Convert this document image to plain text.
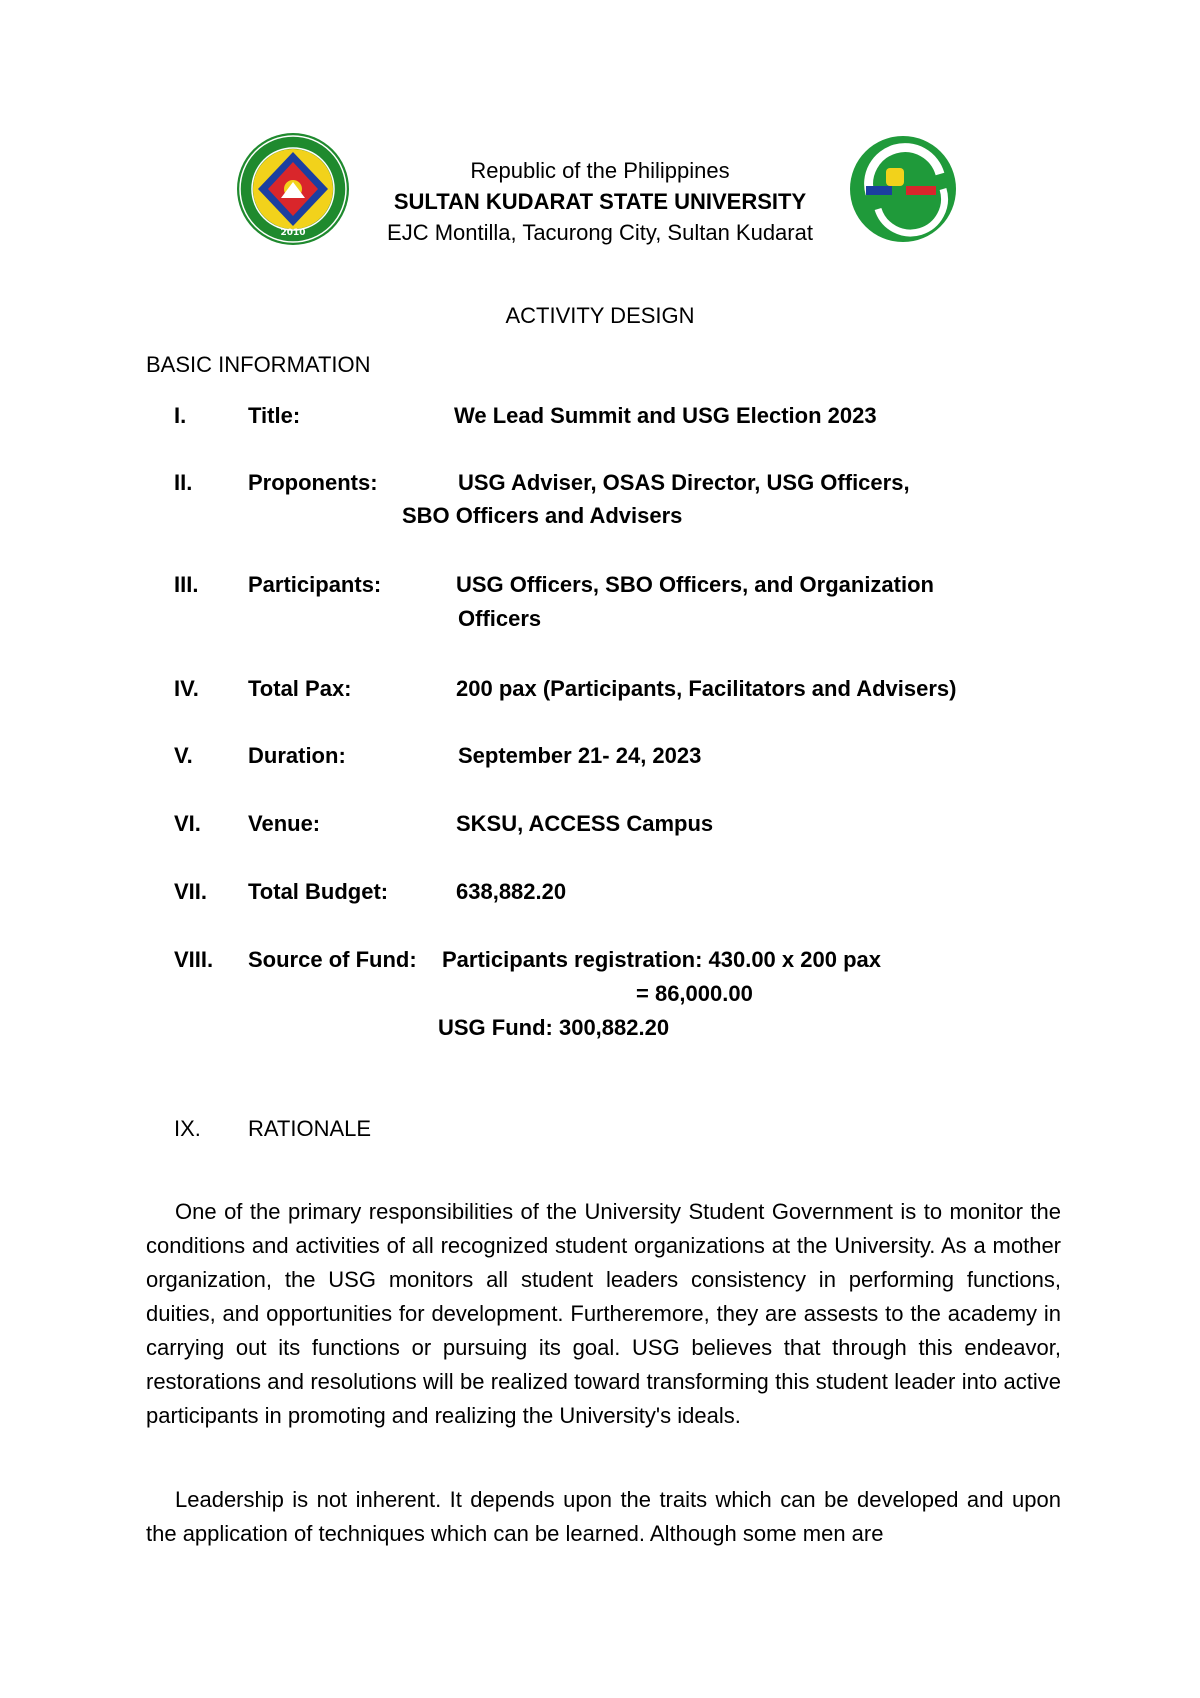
2010
Republic of the Philippines
SULTAN KUDARAT STATE UNIVERSITY
EJC Montilla, Tacurong City, Sultan Kudarat
ACTIVITY DESIGN
BASIC INFORMATION
I.	Title:	We Lead Summit and USG Election 2023
II.	Proponents:	USG Adviser, OSAS Director, USG Officers,
SBO Officers and Advisers
III. Participants:	USG Officers, SBO Officers, and Organization
Officers
IV. Total Pax:	200 pax (Participants, Facilitators and Advisers)
V.	Duration:	September 21- 24, 2023
VI. Venue:	SKSU, ACCESS Campus
VII. Total Budget:	638,882.20
VIII. Source of Fund: Participants registration: 430.00 x 200 pax
= 86,000.00
USG Fund: 300,882.20
IX. RATIONALE
One of the primary responsibilities of the University Student Government is to monitor the conditions and activities of all recognized student organizations at the University. As a mother organization, the USG monitors all student leaders consistency in performing functions, duities, and opportunities for development. Furtheremore, they are assests to the academy in carrying out its functions or pursuing its goal. USG believes that through this endeavor, restorations and resolutions will be realized toward transforming this student leader into active participants in promoting and realizing the University's ideals.
Leadership is not inherent. It depends upon the traits which can be developed and upon the application of techniques which can be learned. Although some men are
